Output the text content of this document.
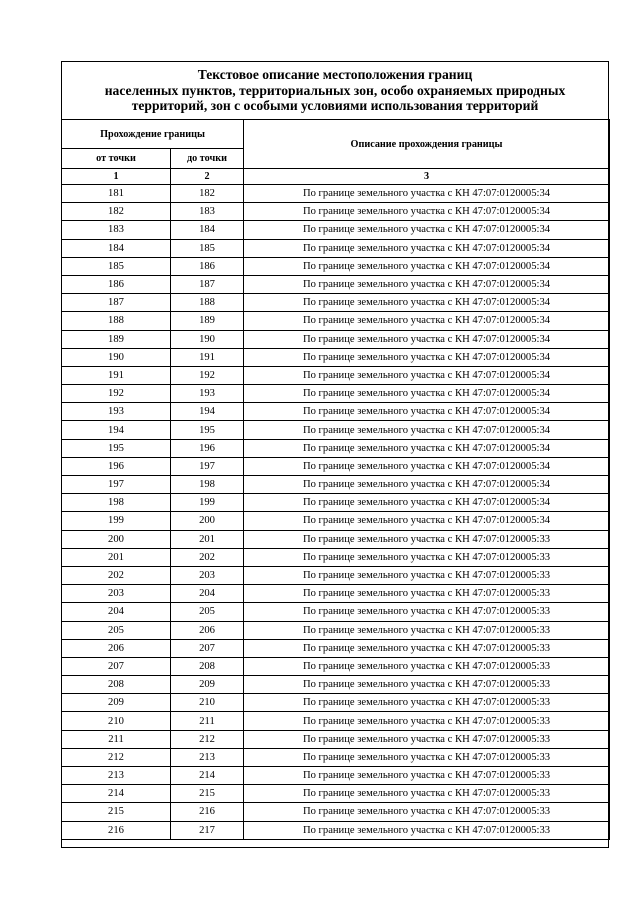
Текстовое описание местоположения границ
населенных пунктов, территориальных зон, особо охраняемых природных
территорий, зон с особыми условиями использования территорий
Прохождение границы		Описание прохождения границы
от точки	до точки	
1	2	3
181	182	По границе земельного участка с КН 47:07:0120005:34
182	183	По границе земельного участка с КН 47:07:0120005:34
183	184	По границе земельного участка с КН 47:07:0120005:34
184	185	По границе земельного участка с КН 47:07:0120005:34
185	186	По границе земельного участка с КН 47:07:0120005:34
186	187	По границе земельного участка с КН 47:07:0120005:34
187	188	По границе земельного участка с КН 47:07:0120005:34
188	189	По границе земельного участка с КН 47:07:0120005:34
189	190	По границе земельного участка с КН 47:07:0120005:34
190	191	По границе земельного участка с КН 47:07:0120005:34
191	192	По границе земельного участка с КН 47:07:0120005:34
192	193	По границе земельного участка с КН 47:07:0120005:34
193	194	По границе земельного участка с КН 47:07:0120005:34
194	195	По границе земельного участка с КН 47:07:0120005:34
195	196	По границе земельного участка с КН 47:07:0120005:34
196	197	По границе земельного участка с КН 47:07:0120005:34
197	198	По границе земельного участка с КН 47:07:0120005:34
198	199	По границе земельного участка с КН 47:07:0120005:34
199	200	По границе земельного участка с КН 47:07:0120005:34
200	201	По границе земельного участка с КН 47:07:0120005:33
201	202	По границе земельного участка с КН 47:07:0120005:33
202	203	По границе земельного участка с КН 47:07:0120005:33
203	204	По границе земельного участка с КН 47:07:0120005:33
204	205	По границе земельного участка с КН 47:07:0120005:33
205	206	По границе земельного участка с КН 47:07:0120005:33
206	207	По границе земельного участка с КН 47:07:0120005:33
207	208	По границе земельного участка с КН 47:07:0120005:33
208	209	По границе земельного участка с КН 47:07:0120005:33
209	210	По границе земельного участка с КН 47:07:0120005:33
210	211	По границе земельного участка с КН 47:07:0120005:33
211	212	По границе земельного участка с КН 47:07:0120005:33
212	213	По границе земельного участка с КН 47:07:0120005:33
213	214	По границе земельного участка с КН 47:07:0120005:33
214	215	По границе земельного участка с КН 47:07:0120005:33
215	216	По границе земельного участка с КН 47:07:0120005:33
216	217	По границе земельного участка с КН 47:07:0120005:33
